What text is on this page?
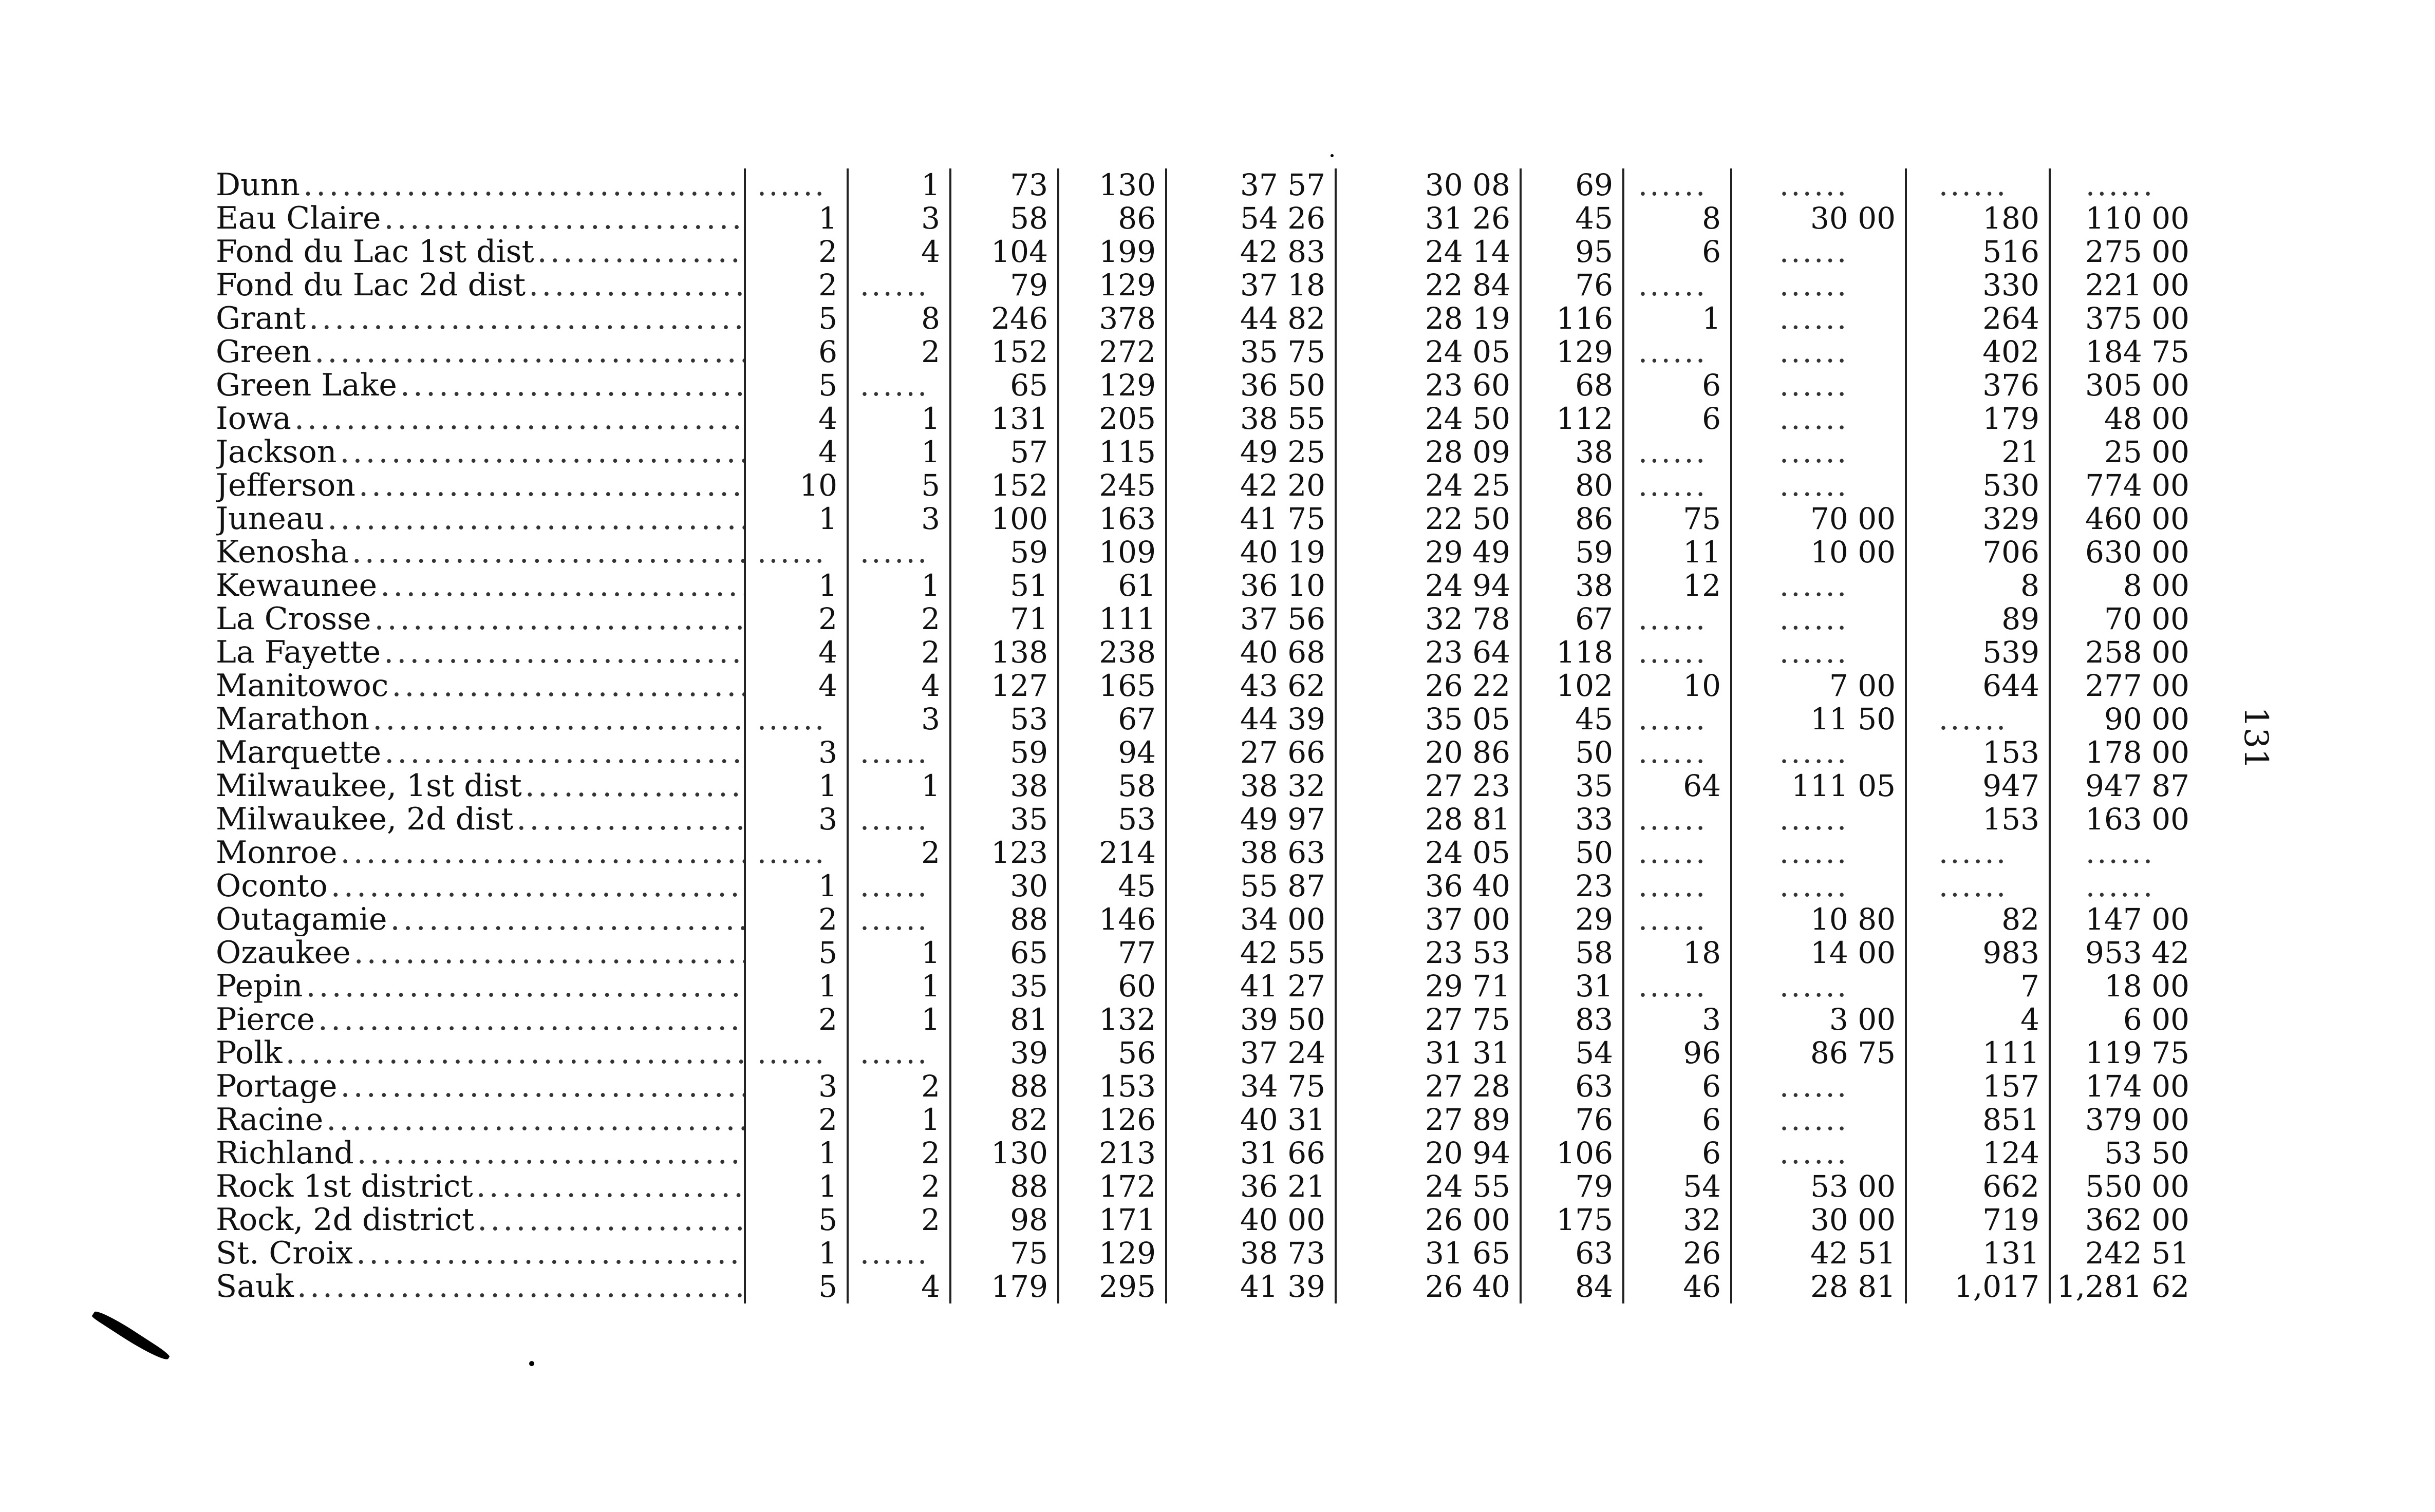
Dunn
.....	......	1	73	130	37 57	30 08	69	......	......	......	......

Eau Claire
.....	1	3	58	86	54 26	31 26	45	8	30 00	180	110 00

Fond du Lac 1st dist
.....	2	4	104	199	42 83	24 14	95	6	......	516	275 00

Fond du Lac 2d dist
.....	2	......	79	129	37 18	22 84	76	......	......	330	221 00

Grant
.....	5	8	246	378	44 82	28 19	116	1	......	264	375 00

Green
.....	6	2	152	272	35 75	24 05	129	......	......	402	184 75

Green Lake
.....	5	......	65	129	36 50	23 60	68	6	......	376	305 00

Iowa
.....	4	1	131	205	38 55	24 50	112	6	......	179	48 00

Jackson
.....	4	1	57	115	49 25	28 09	38	......	......	21	25 00

Jefferson
.....	10	5	152	245	42 20	24 25	80	......	......	530	774 00

Juneau
.....	1	3	100	163	41 75	22 50	86	75	70 00	329	460 00

Kenosha
.....	......	......	59	109	40 19	29 49	59	11	10 00	706	630 00

Kewaunee
.....	1	1	51	61	36 10	24 94	38	12	......	8	8 00

La Crosse
.....	2	2	71	111	37 56	32 78	67	......	......	89	70 00

La Fayette
.....	4	2	138	238	40 68	23 64	118	......	......	539	258 00

Manitowoc
.....	4	4	127	165	43 62	26 22	102	10	7 00	644	277 00

Marathon
.....	......	3	53	67	44 39	35 05	45	......	11 50	......	90 00

Marquette
.....	3	......	59	94	27 66	20 86	50	......	......	153	178 00

Milwaukee, 1st dist
.....	1	1	38	58	38 32	27 23	35	64	111 05	947	947 87

Milwaukee, 2d dist
.....	3	......	35	53	49 97	28 81	33	......	......	153	163 00

Monroe
.....	......	2	123	214	38 63	24 05	50	......	......	......	......

Oconto
.....	1	......	30	45	55 87	36 40	23	......	......	......	......

Outagamie
.....	2	......	88	146	34 00	37 00	29	......	10 80	82	147 00

Ozaukee
.....	5	1	65	77	42 55	23 53	58	18	14 00	983	953 42

Pepin
.....	1	1	35	60	41 27	29 71	31	......	......	7	18 00

Pierce
.....	2	1	81	132	39 50	27 75	83	3	3 00	4	6 00

Polk
.....	......	......	39	56	37 24	31 31	54	96	86 75	111	119 75

Portage
.....	3	2	88	153	34 75	27 28	63	6	......	157	174 00

Racine
.....	2	1	82	126	40 31	27 89	76	6	......	851	379 00

Richland
.....	1	2	130	213	31 66	20 94	106	6	......	124	53 50

Rock 1st district
.....	1	2	88	172	36 21	24 55	79	54	53 00	662	550 00

Rock, 2d district
.....	5	2	98	171	40 00	26 00	175	32	30 00	719	362 00

St. Croix
.....	1	......	75	129	38 73	31 65	63	26	42 51	131	242 51

Sauk
.....	5	4	179	295	41 39	26 40	84	46	28 81	1,017	1,281 62
131
